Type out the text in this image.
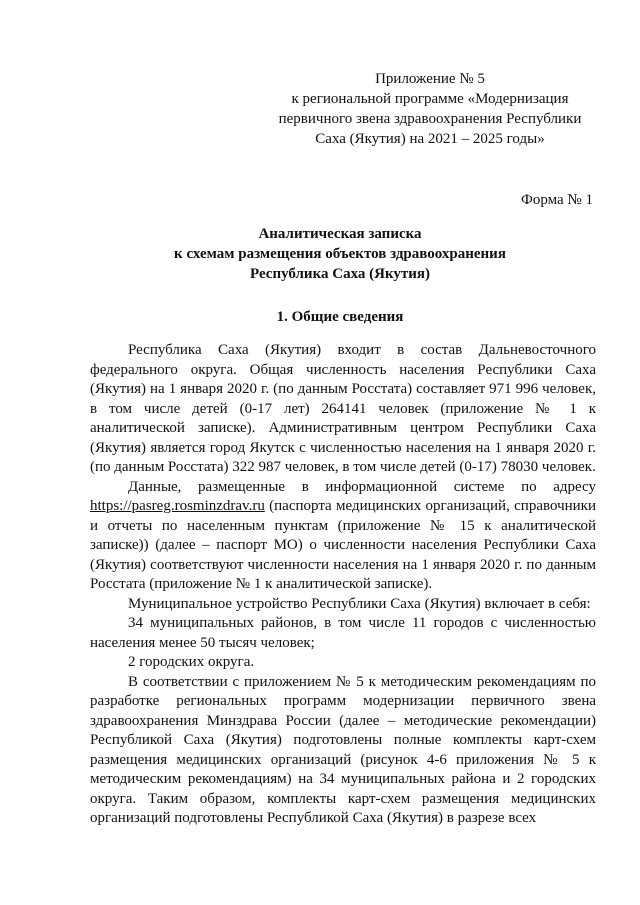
Приложение № 5
к региональной программе «Модернизация
первичного звена здравоохранения Республики
Саха (Якутия) на 2021 – 2025 годы»
Форма № 1
Аналитическая записка
к схемам размещения объектов здравоохранения
Республика Саха (Якутия)
1. Общие сведения

Республика Саха (Якутия) входит в состав Дальневосточного федерального округа. Общая численность населения Республики Саха (Якутия) на 1 января 2020 г. (по данным Росстата) составляет 971 996 человек, в том числе детей (0-17 лет) 264141 человек (приложение № 1 к аналитической записке). Административным центром Республики Саха (Якутия) является город Якутск с численностью населения на 1 января 2020 г. (по данным Росстата) 322 987 человек, в том числе детей (0-17) 78030 человек.

Данные, размещенные в информационной системе по адресу https://pasreg.rosminzdrav.ru (паспорта медицинских организаций, справочники и отчеты по населенным пунктам (приложение № 15 к аналитической записке)) (далее – паспорт МО) о численности населения Республики Саха (Якутия) соответствуют численности населения на 1 января 2020 г. по данным Росстата (приложение № 1 к аналитической записке).

Муниципальное устройство Республики Саха (Якутия) включает в себя:

34 муниципальных районов, в том числе 11 городов с численностью населения менее 50 тысяч человек;

2 городских округа.

В соответствии с приложением № 5 к методическим рекомендациям по разработке региональных программ модернизации первичного звена здравоохранения Минздрава России (далее – методические рекомендации) Республикой Саха (Якутия) подготовлены полные комплекты карт-схем размещения медицинских организаций (рисунок 4-6 приложения № 5 к методическим рекомендациям) на 34 муниципальных района и 2 городских округа. Таким образом, комплекты карт-схем размещения медицинских организаций подготовлены Республикой Саха (Якутия) в разрезе всех
